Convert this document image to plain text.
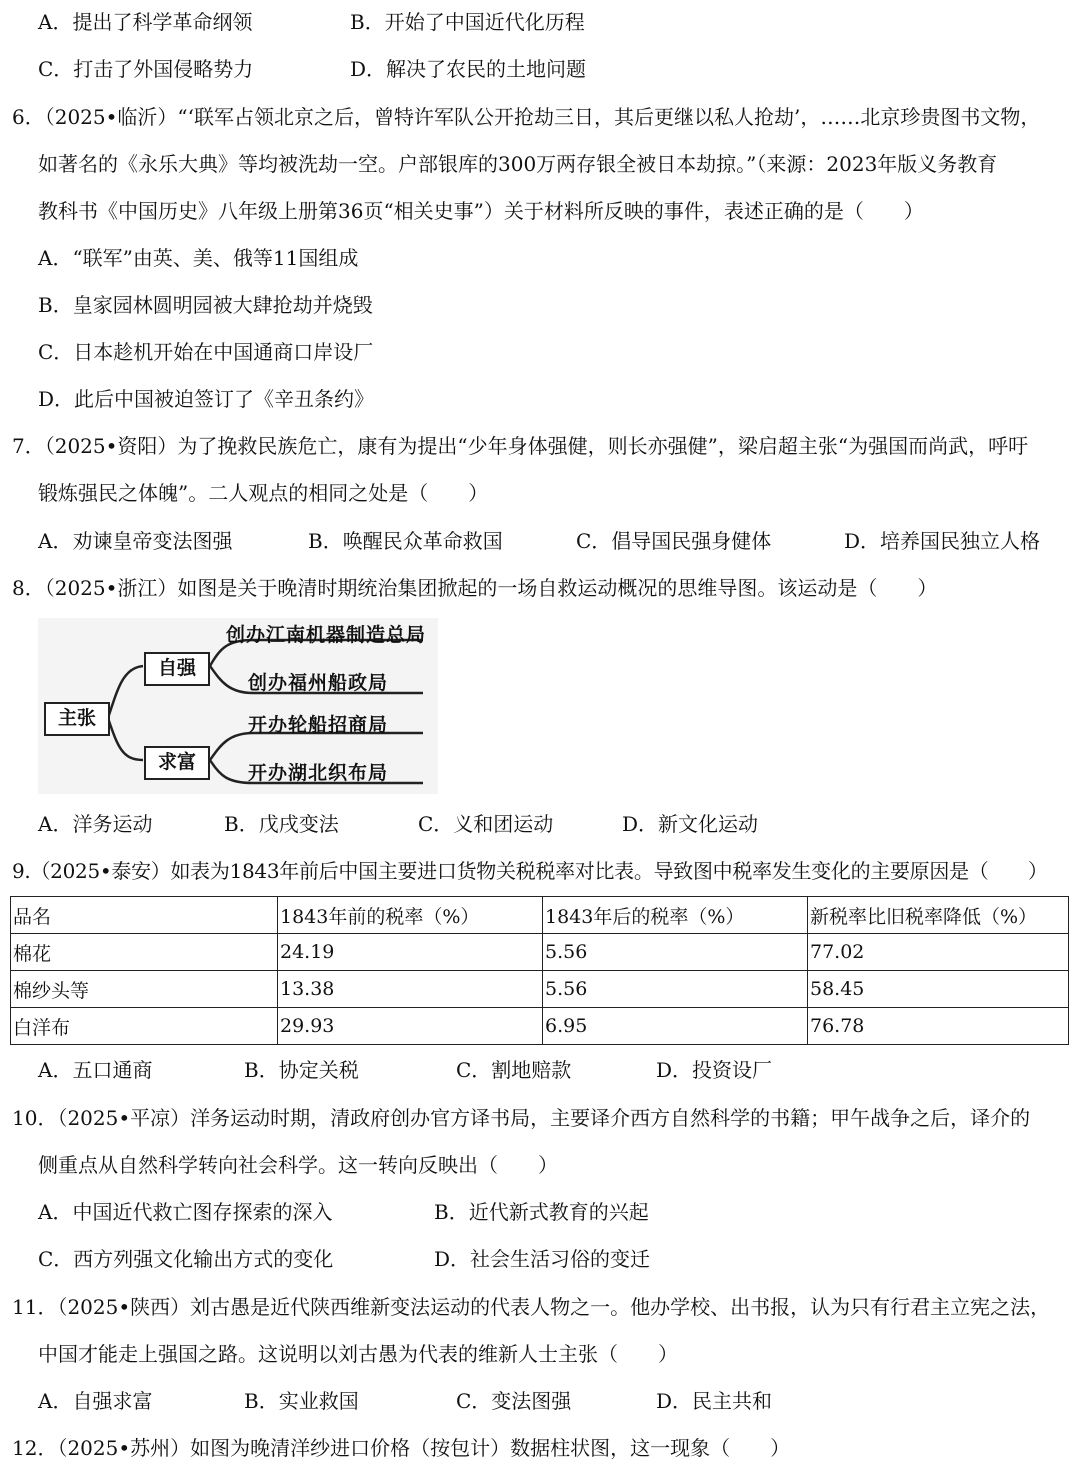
A．提出了科学革命纲领	B．开始了中国近代化历程
C．打击了外国侵略势力	D．解决了农民的土地问题
6．（2025•临沂）“‘联军占领北京之后，曾特许军队公开抢劫三日，其后更继以私人抢劫’，……北京珍贵图书文物，
如著名的《永乐大典》等均被洗劫一空。户部银库的300万两存银全被日本劫掠。”（来源：2023年版义务教育
教科书《中国历史》八年级上册第36页“相关史事”）关于材料所反映的事件，表述正确的是（　　）
A．“联军”由英、美、俄等11国组成
B．皇家园林圆明园被大肆抢劫并烧毁
C．日本趁机开始在中国通商口岸设厂
D．此后中国被迫签订了《辛丑条约》
7．（2025•资阳）为了挽救民族危亡，康有为提出“少年身体强健，则长亦强健”，梁启超主张“为强国而尚武，呼吁
锻炼强民之体魄”。二人观点的相同之处是（　　）
A．劝谏皇帝变法图强	B．唤醒民众革命救国	C．倡导国民强身健体	D．培养国民独立人格
8．（2025•浙江）如图是关于晚清时期统治集团掀起的一场自救运动概况的思维导图。该运动是（　　）
主张
自强
求富
创办江南机器制造总局
创办福州船政局
开办轮船招商局
开办湖北织布局
A．洋务运动	B．戊戌变法	C．义和团运动	D．新文化运动
9.（2025•泰安）如表为1843年前后中国主要进口货物关税税率对比表。导致图中税率发生变化的主要原因是（　　）
品名	1843年前的税率（%）	1843年后的税率（%）	新税率比旧税率降低（%）
棉花	24.19	5.56	77.02
棉纱头等	13.38	5.56	58.45
白洋布	29.93	6.95	76.78
A．五口通商	B．协定关税	C．割地赔款	D．投资设厂
10．（2025•平凉）洋务运动时期，清政府创办官方译书局，主要译介西方自然科学的书籍；甲午战争之后，译介的
侧重点从自然科学转向社会科学。这一转向反映出（　　）
A．中国近代救亡图存探索的深入	B．近代新式教育的兴起
C．西方列强文化输出方式的变化	D．社会生活习俗的变迁
11．（2025•陕西）刘古愚是近代陕西维新变法运动的代表人物之一。他办学校、出书报，认为只有行君主立宪之法，
中国才能走上强国之路。这说明以刘古愚为代表的维新人士主张（　　）
A．自强求富	B．实业救国	C．变法图强	D．民主共和
12．（2025•苏州）如图为晚清洋纱进口价格（按包计）数据柱状图，这一现象（　　）
